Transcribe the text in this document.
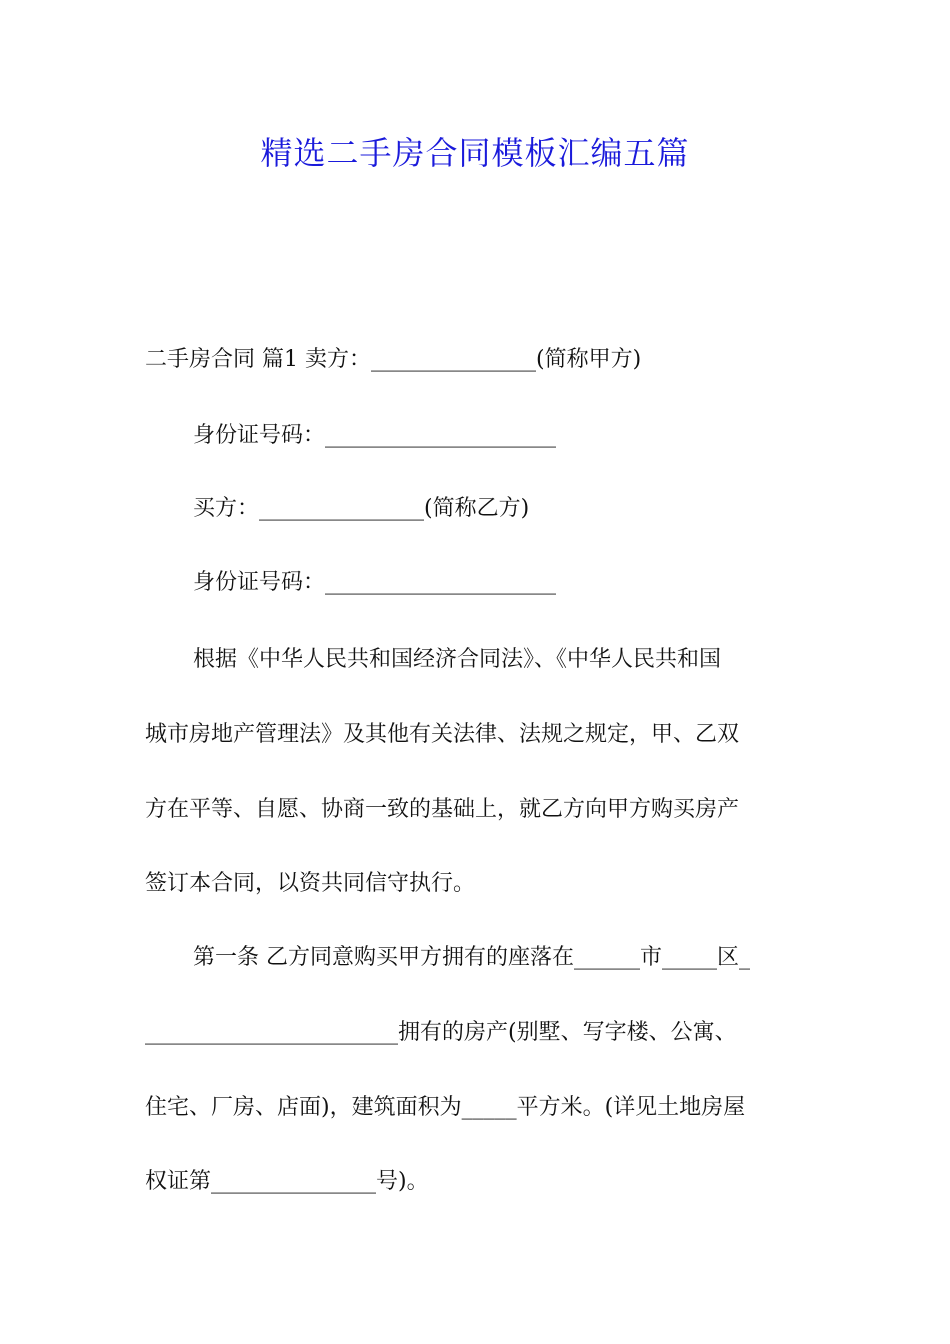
精选二手房合同模板汇编五篇
二手房合同 篇1 卖方：_______________(简称甲方)
身份证号码：_____________________
买方：_______________(简称乙方)
身份证号码：_____________________
根据《中华人民共和国经济合同法》、《中华人民共和国
城市房地产管理法》及其他有关法律、法规之规定，甲、乙双
方在平等、自愿、协商一致的基础上，就乙方向甲方购买房产
签订本合同，以资共同信守执行。
第一条 乙方同意购买甲方拥有的座落在______市_____区_
_______________________拥有的房产(别墅、写字楼、公寓、
住宅、厂房、店面)，建筑面积为_____平方米。(详见土地房屋
权证第_______________号)。
